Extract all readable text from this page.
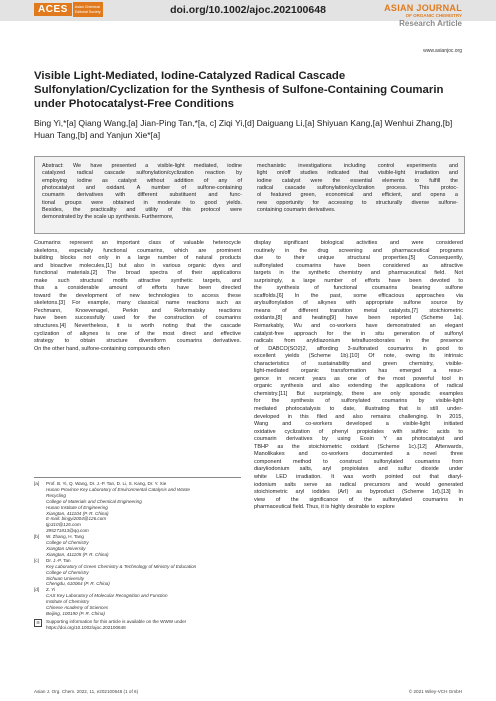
ACES	Asian Chemical
Editorial Society	doi.org/10.1002/ajoc.202100648	ASIAN JOURNAL
OF ORGANIC CHEMISTRY
Research Article
www.asianjoc.org
Visible Light-Mediated, Iodine-Catalyzed Radical Cascade Sulfonylation/Cyclization for the Synthesis of Sulfone-Containing Coumarin under Photocatalyst-Free Conditions
Bing Yi,*[a] Qiang Wang,[a] Jian-Ping Tan,*[a, c] Ziqi Yi,[d] Daiguang Li,[a] Shiyuan Kang,[a] Wenhui Zhang,[b] Huan Tang,[b] and Yanjun Xie*[a]
Abstract: We have presented a visible-light mediated, iodine
catalyzed radical cascade sulfonylation/cyclization reaction by
employing iodine as catalyst without addition of any of
photocatalyst and oxidant. A number of sulfone-containing
coumarin derivatives with different substituent and func-
tional groups were obtained in moderate to good yields.
Besides, the practicality and utility of this protocol were
demonstrated by the scale up synthesis. Furthermore,
mechanistic investigations including control experiments and
light on/off studies indicated that visible-light irradiation and
iodine catalyst were the essential elements to fulfill the
radical cascade sulfonylation/cyclization process. This protoc-
ol featured green, economical and efficient, and opens a
new opportunity for accessing to structurally diverse sulfone-
containing coumarin derivatives.
Coumarins represent an important class of valuable heterocycle
skeletons, especially functional coumarins, which are prominent
building blocks not only in a large number of natural products
and bioactive molecules,[1] but also in various organic dyes and
functional materials.[2] The broad spectra of their applications
make such structural motifs attractive synthetic targets, and
thus a considerable amount of efforts have been directed
toward the development of new technologies to access these
skeletons.[3] For example, many classical name reactions such as
Pechmann, Knoevenagel, Perkin and Reformatsky reactions
have been successfully used for the construction of coumarins
structures.[4] Nevertheless, it is worth noting that the cascade
cyclization of alkynes is one of the most direct and effective
strategy to obtain structure diversiform coumarins derivatives.
On the other hand, sulfone-containing compounds often
display significant biological activities and were considered
routinely in the drug screening and pharmaceutical programs
due to their unique structural properties.[5] Consequently,
sulfonylated coumarins have been considered as attractive
targets in the synthetic chemistry and pharmaceutical field. Not
surprisingly, a large number of efforts have been devoted to
the synthesis of functional coumarins bearing sulfone
scaffolds.[6] In the past, some efficacious approaches via
arylsulfonylation of alkynes with appropriate sulfone source by
means of different transition metal catalysts,[7] stoichiometric
oxidants,[8] and heating[9] have been reported (Scheme 1a).
Remarkably, Wu and co-workers have demonstrated an elegant
catalyst-free approach for the in situ generation of sulfonyl
radicals from aryldiazonium tetrafluoroborates in the presence
of DABCO(SO2)2, affording 3-sulfonated coumarins in good to
excellent yields (Scheme 1b).[10] Of note, owing its intrinsic
characteristics of sustainability and green chemistry, visible-
light-mediated organic transformation has emerged a resur-
gence in recent years as one of the most powerful tool in
organic synthesis and also extending the applications of radical
chemistry.[11] But surprisingly, there are only sporadic examples
for the synthesis of sulfonylated coumarins by visible-light
mediated photocatalysis to date, illustrating that is still under-
developed in this filed and also remains challenging. In 2015,
Wang and co-workers developed a visible-light initiated
oxidative cyclization of phenyl propiolates with sulfinic acids to
coumarin derivatives by using Eosin Y as photocatalyst and
TBHP as the stoichiometric oxidant (Scheme 1c).[12] Afterwards,
Manolikakes and co-workers documented a novel three
component method to construct sulfonylated coumarins from
diaryliodonium salts, aryl propiolates and sulfur dioxide under
white LED irradiation. It was worth pointed out that diaryl-
iodonium salts serve as radical precursors and would generated
stoichiometric aryl iodides (ArI) as byproduct (Scheme 1d).[13] In
view of the significance of the sulfonylated coumarins in
pharmaceutical field. Thus, it is highly desirable to explore
[a]	Prof. B. Yi, Q. Wang, Dr. J.-P. Tan, D. Li, S. Kang, Dr. Y. Xie
Hunan Province Key Laboratory of Environmental Catalysis and Waste
Recycling
College of Materials and Chemical Engineering
Hunan Institute of Engineering
Xiangtan, 411104 (P. R. China)
E-mail: bingyi2004@126.com
tjp310@126.com
395271813@qq.com
[b]	W. Zhang, H. Tang
College of Chemistry
Xiangtan University
Xiangtan, 411105 (P. R. China)
[c]	Dr. J.-P. Tan
Key Laboratory of Green Chemistry & Technology of Ministry of Education
College of Chemistry
Sichuan University
Chengdu, 610064 (P. R. China)
[d]	Z. Yi
CAS Key Laboratory of Molecular Recognition and Function
Institute of Chemistry
Chinese Academy of Sciences
Beijing, 100190 (P. R. China)
☰	Supporting information for this article is available on the WWW under
https://doi.org/10.1002/ajoc.202100648
Asian J. Org. Chem. 2022, 11, e202100648 (1 of 6)	© 2021 Wiley-VCH GmbH
